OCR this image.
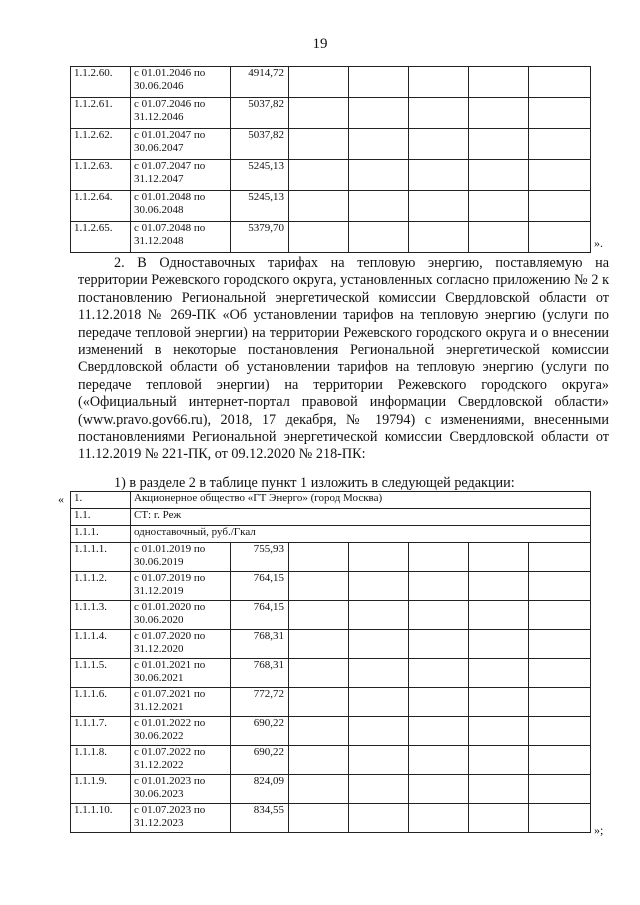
19
1.1.2.60.	с 01.01.2046 по 30.06.2046	4914,72					
1.1.2.61.	с 01.07.2046 по 31.12.2046	5037,82					
1.1.2.62.	с 01.01.2047 по 30.06.2047	5037,82					
1.1.2.63.	с 01.07.2047 по 31.12.2047	5245,13					
1.1.2.64.	с 01.01.2048 по 30.06.2048	5245,13					
1.1.2.65.	с 01.07.2048 по 31.12.2048	5379,70					
».
2. В Одноставочных тарифах на тепловую энергию, поставляемую на территории Режевского городского округа, установленных согласно приложению № 2 к постановлению Региональной энергетической комиссии Свердловской области от 11.12.2018 № 269-ПК «Об установлении тарифов на тепловую энергию (услуги по передаче тепловой энергии) на территории Режевского городского округа и о внесении изменений в некоторые постановления Региональной энергетической комиссии Свердловской области об установлении тарифов на тепловую энергию (услуги по передаче тепловой энергии) на территории Режевского городского округа» («Официальный интернет-портал правовой информации Свердловской области» (www.pravo.gov66.ru), 2018, 17 декабря, № 19794) с изменениями, внесенными постановлениями Региональной энергетической комиссии Свердловской области от 11.12.2019 № 221-ПК, от 09.12.2020 № 218-ПК:
1) в разделе 2 в таблице пункт 1 изложить в следующей редакции:
« 1.	Акционерное общество «ГТ Энерго» (город Москва)						
1.1.	СТ: г. Реж						
1.1.1.	одноставочный, руб./Гкал						
1.1.1.1.	с 01.01.2019 по 30.06.2019	755,93					
1.1.1.2.	с 01.07.2019 по 31.12.2019	764,15					
1.1.1.3.	с 01.01.2020 по 30.06.2020	764,15					
1.1.1.4.	с 01.07.2020 по 31.12.2020	768,31					
1.1.1.5.	с 01.01.2021 по 30.06.2021	768,31					
1.1.1.6.	с 01.07.2021 по 31.12.2021	772,72					
1.1.1.7.	с 01.01.2022 по 30.06.2022	690,22					
1.1.1.8.	с 01.07.2022 по 31.12.2022	690,22					
1.1.1.9.	с 01.01.2023 по 30.06.2023	824,09					
1.1.1.10.	с 01.07.2023 по 31.12.2023	834,55					
»;
